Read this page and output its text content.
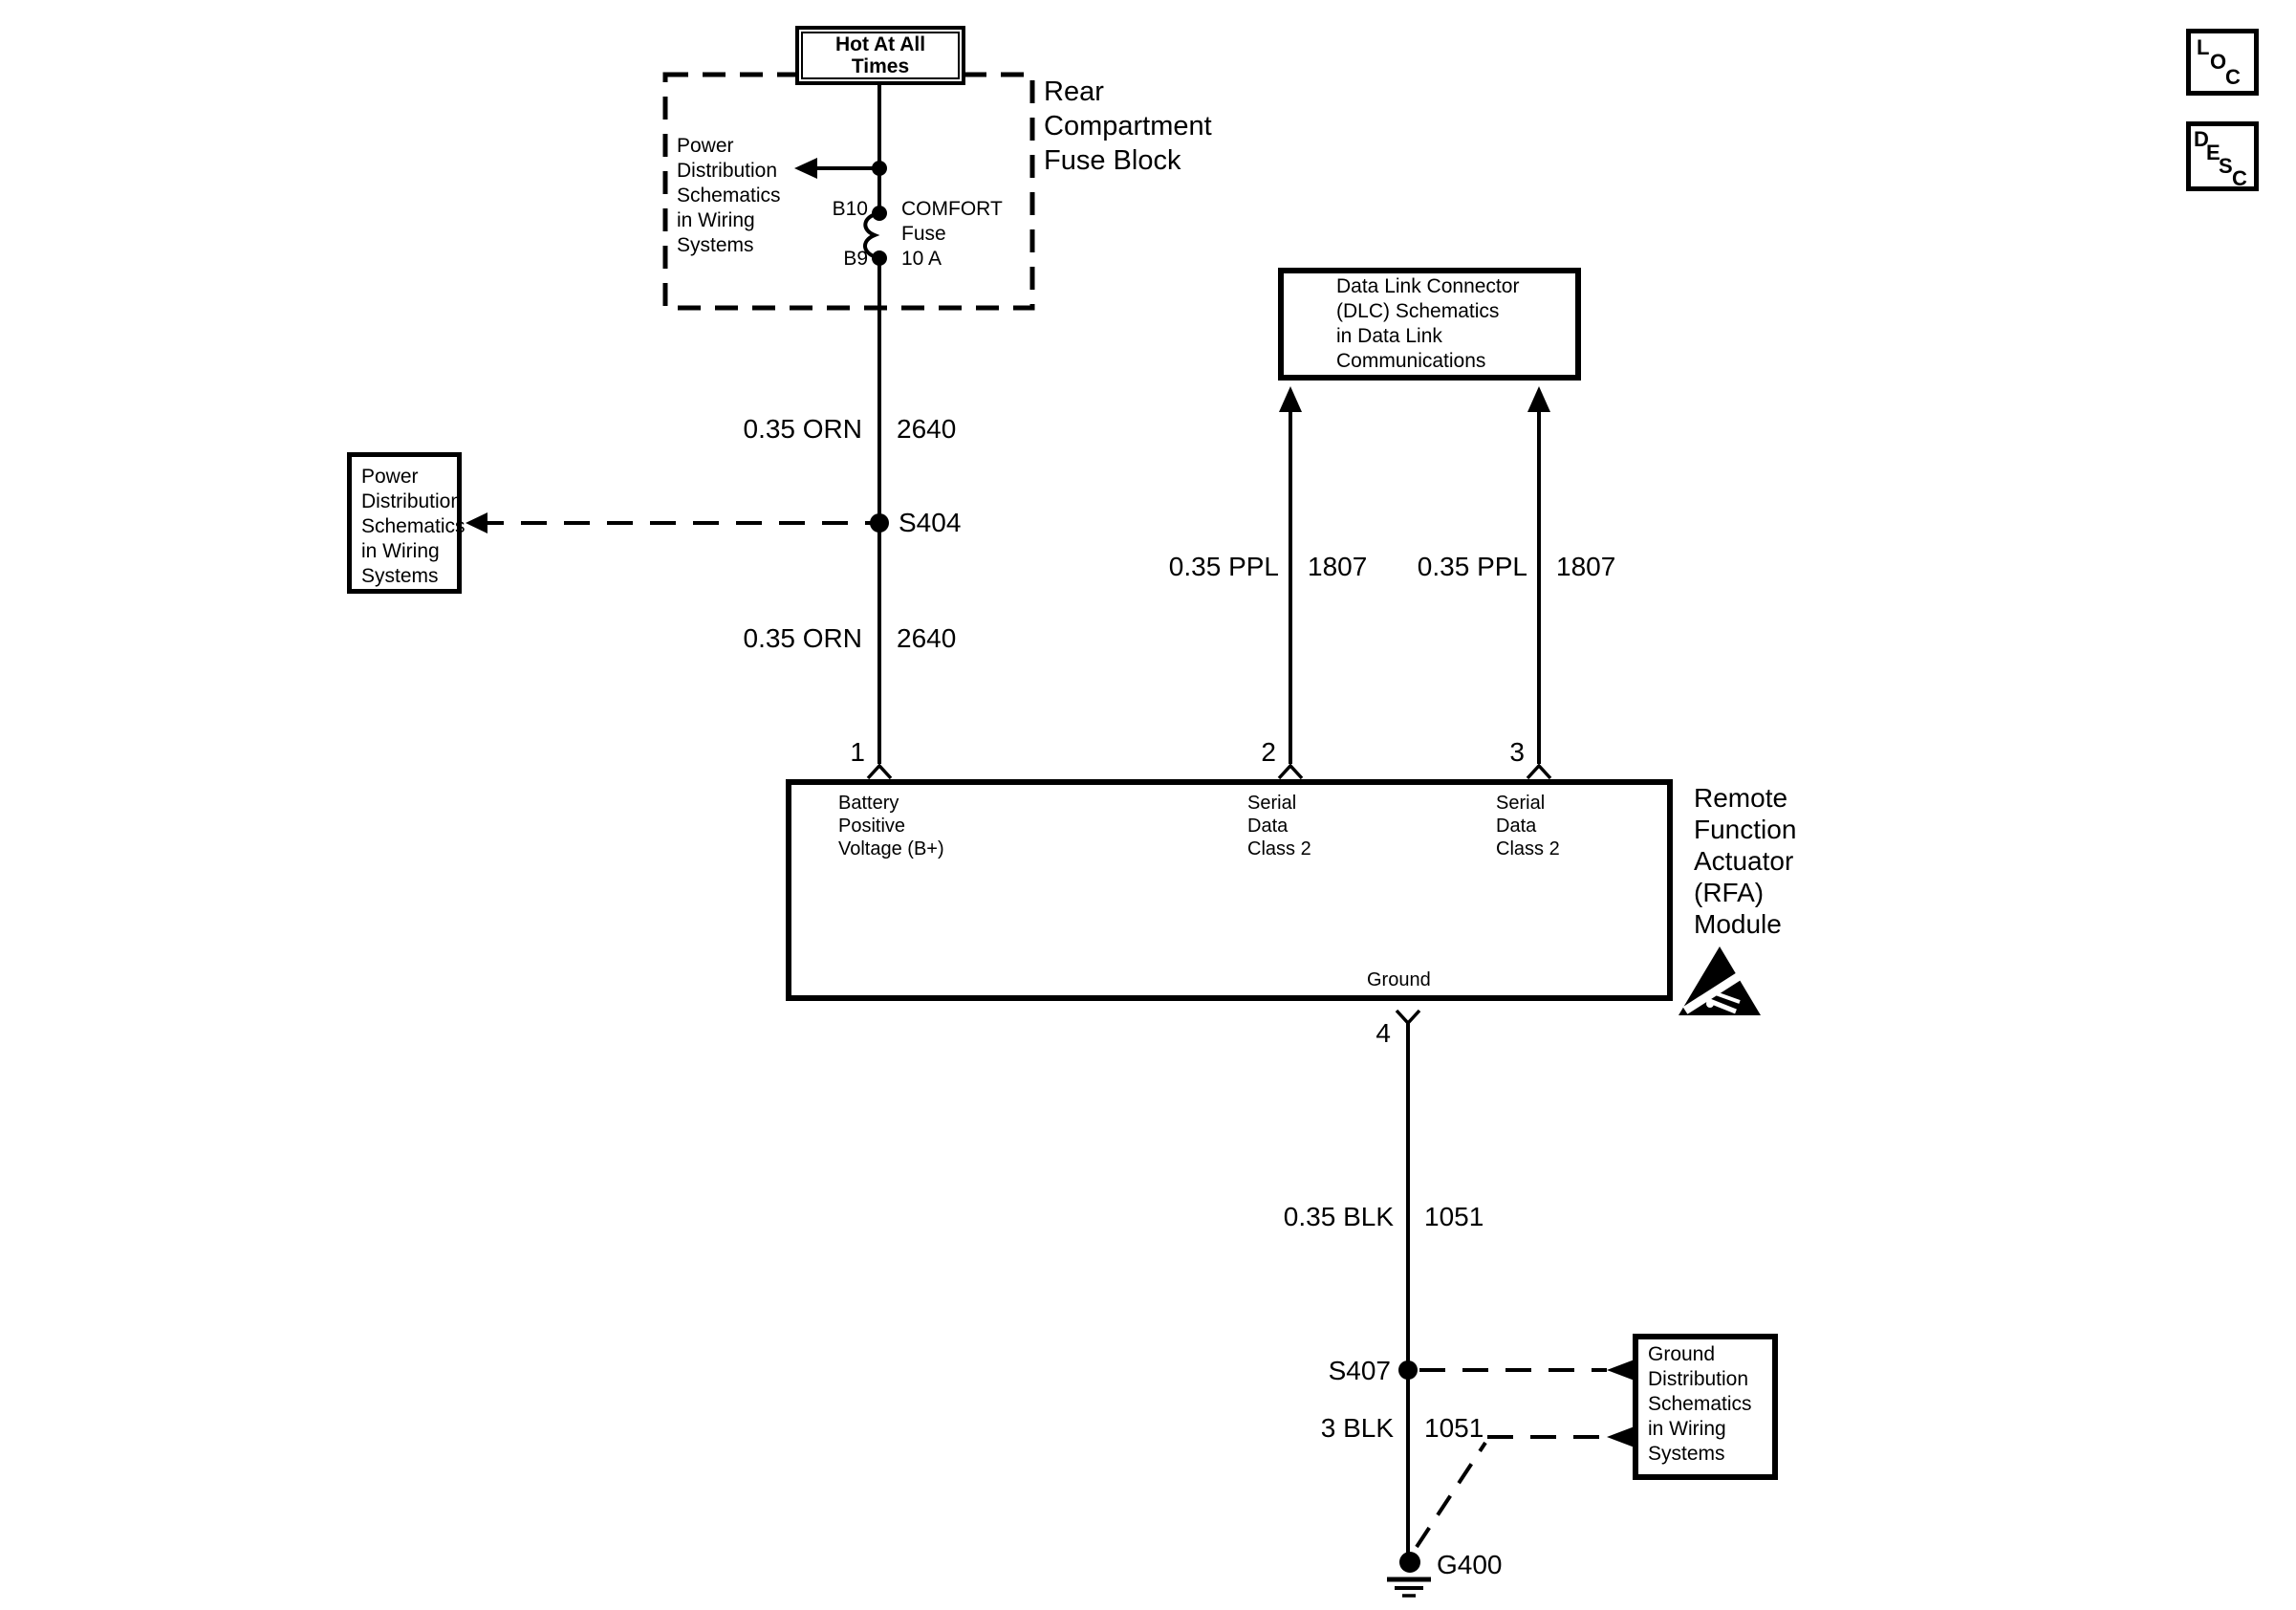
L
O
C
D
E
S
C
Hot At All Times
Rear
Compartment
Fuse Block
Power
Distribution
Schematics
in Wiring
Systems
B10
B9
COMFORT
Fuse
10 A
0.35 ORN 2640
Power
Distribution
Schematics
in Wiring
Systems
S404
0.35 ORN 2640
Data Link Connector
(DLC) Schematics
in Data Link
Communications
0.35 PPL 1807	0.35 PPL 1807
1	2	3
4
Battery
Positive
Voltage (B+)
Serial
Data
Class 2
Serial
Data
Class 2
Ground
Remote
Function
Actuator
(RFA)
Module
0.35 BLK 1051
S407
3 BLK 1051
G400
Ground
Distribution
Schematics
in Wiring
Systems
